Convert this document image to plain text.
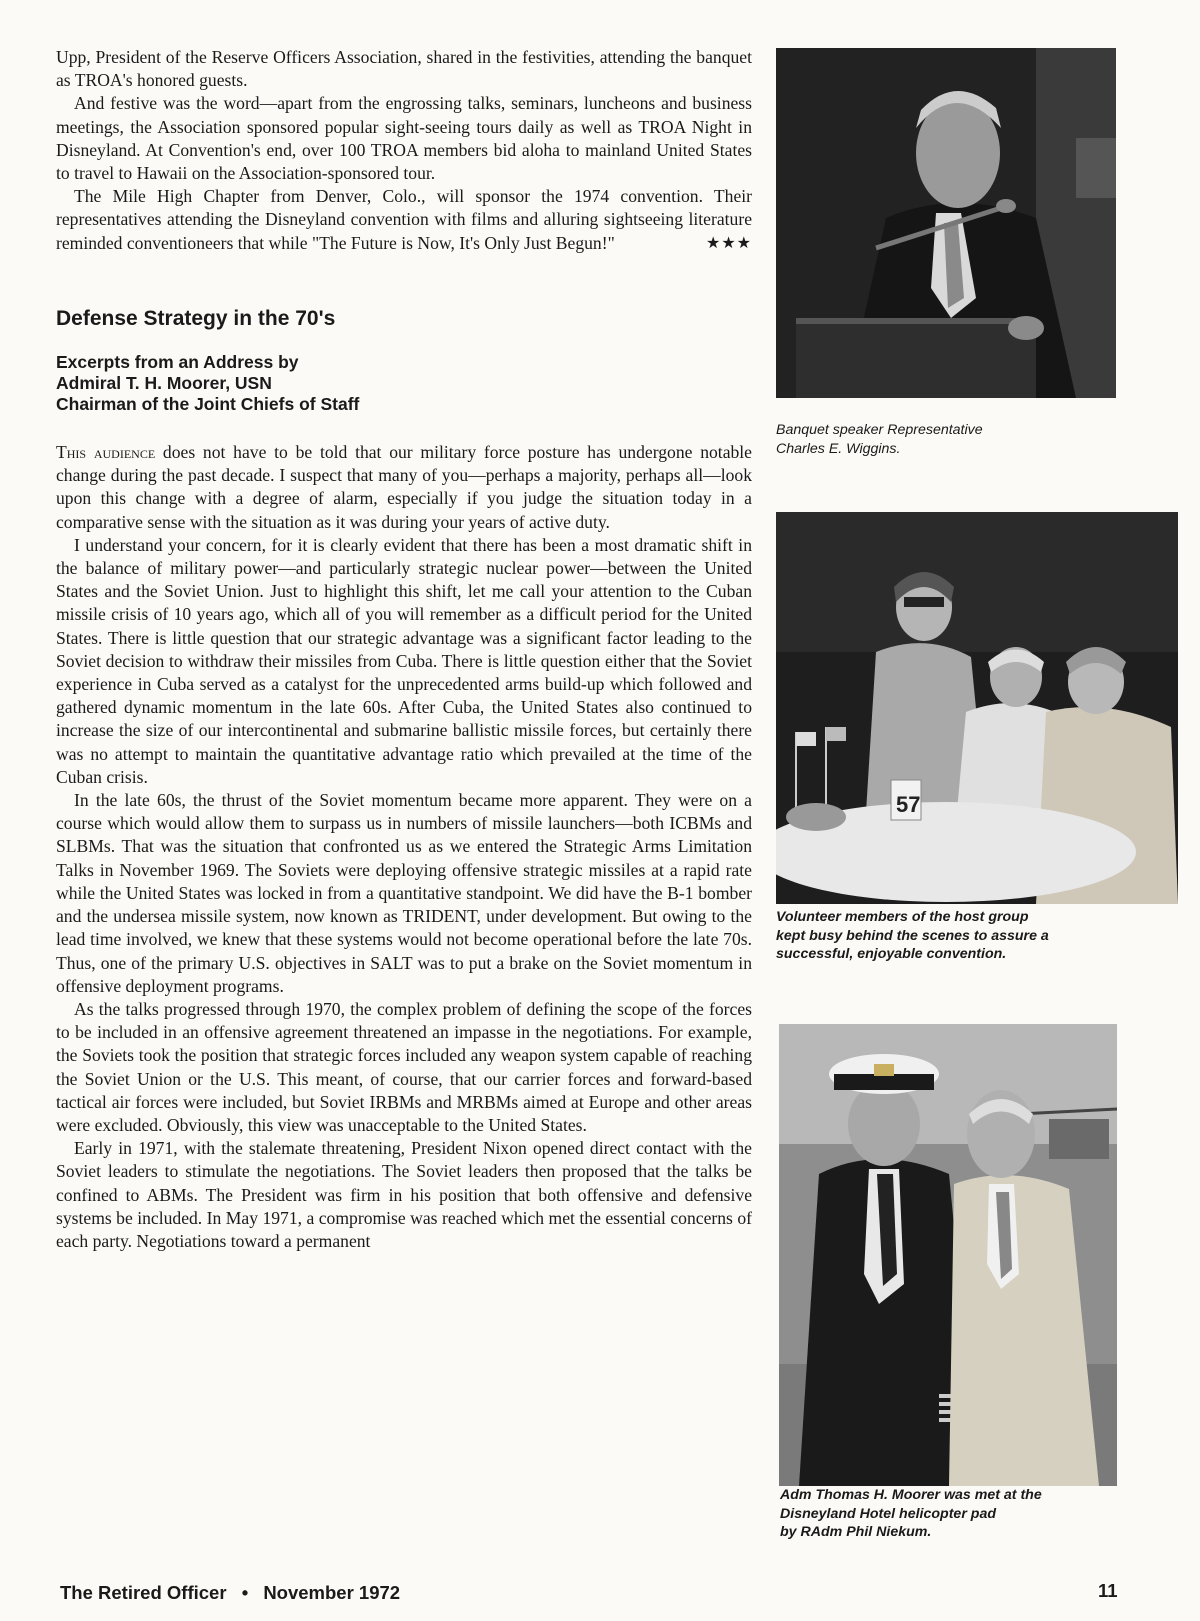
Upp, President of the Reserve Officers Association, shared in the festivities, attending the banquet as TROA's honored guests.

And festive was the word—apart from the engrossing talks, seminars, luncheons and business meetings, the Association sponsored popular sight-seeing tours daily as well as TROA Night in Disneyland. At Convention's end, over 100 TROA members bid aloha to mainland United States to travel to Hawaii on the Association-sponsored tour.

The Mile High Chapter from Denver, Colo., will sponsor the 1974 convention. Their representatives attending the Disneyland convention with films and alluring sightseeing literature reminded conventioneers that while "The Future is Now, It's Only Just Begun!"	★★★

Defense Strategy in the 70's
Excerpts from an Address by
Admiral T. H. Moorer, USN
Chairman of the Joint Chiefs of Staff

This audience does not have to be told that our military force posture has undergone notable change during the past decade. I suspect that many of you—perhaps a majority, perhaps all—look upon this change with a degree of alarm, especially if you judge the situation today in a comparative sense with the situation as it was during your years of active duty.

I understand your concern, for it is clearly evident that there has been a most dramatic shift in the balance of military power—and particularly strategic nuclear power—between the United States and the Soviet Union. Just to highlight this shift, let me call your attention to the Cuban missile crisis of 10 years ago, which all of you will remember as a difficult period for the United States. There is little question that our strategic advantage was a significant factor leading to the Soviet decision to withdraw their missiles from Cuba. There is little question either that the Soviet experience in Cuba served as a catalyst for the unprecedented arms build-up which followed and gathered dynamic momentum in the late 60s. After Cuba, the United States also continued to increase the size of our intercontinental and submarine ballistic missile forces, but certainly there was no attempt to maintain the quantitative advantage ratio which prevailed at the time of the Cuban crisis.

In the late 60s, the thrust of the Soviet momentum became more apparent. They were on a course which would allow them to surpass us in numbers of missile launchers—both ICBMs and SLBMs. That was the situation that confronted us as we entered the Strategic Arms Limitation Talks in November 1969. The Soviets were deploying offensive strategic missiles at a rapid rate while the United States was locked in from a quantitative standpoint. We did have the B-1 bomber and the undersea missile system, now known as TRIDENT, under development. But owing to the lead time involved, we knew that these systems would not become operational before the late 70s. Thus, one of the primary U.S. objectives in SALT was to put a brake on the Soviet momentum in offensive deployment programs.

As the talks progressed through 1970, the complex problem of defining the scope of the forces to be included in an offensive agreement threatened an impasse in the negotiations. For example, the Soviets took the position that strategic forces included any weapon system capable of reaching the Soviet Union or the U.S. This meant, of course, that our carrier forces and forward-based tactical air forces were included, but Soviet IRBMs and MRBMs aimed at Europe and other areas were excluded. Obviously, this view was unacceptable to the United States.

Early in 1971, with the stalemate threatening, President Nixon opened direct contact with the Soviet leaders to stimulate the negotiations. The Soviet leaders then proposed that the talks be confined to ABMs. The President was firm in his position that both offensive and defensive systems be included. In May 1971, a compromise was reached which met the essential concerns of each party. Negotiations toward a permanent

Banquet speaker Representative
Charles E. Wiggins.
57
Volunteer members of the host group
kept busy behind the scenes to assure a
successful, enjoyable convention.
Adm Thomas H. Moorer was met at the
Disneyland Hotel helicopter pad
by RAdm Phil Niekum.
The Retired Officer • November 1972	11
